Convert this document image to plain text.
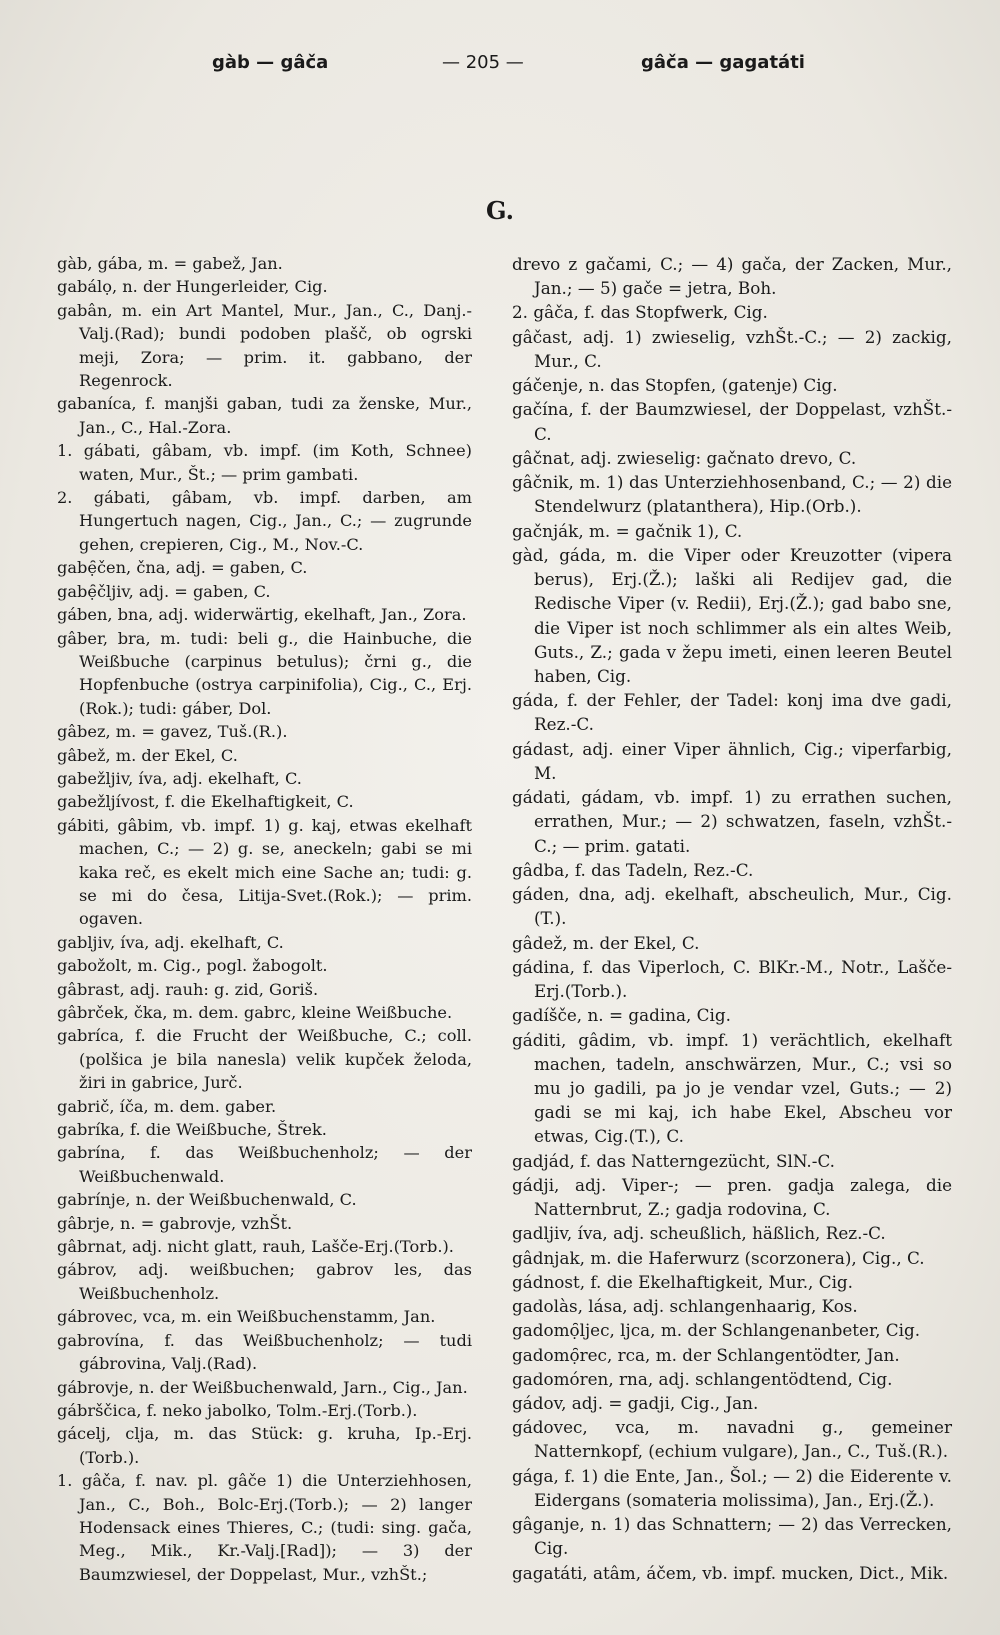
gàb — gâča	— 205 —	gâča — gagatáti
G.

gàb, gába, m. = gabež, Jan.

gabálọ, n. der Hungerleider, Cig.

gabân, m. ein Art Mantel, Mur., Jan., C., Danj.-Valj.(Rad); bundi podoben plašč, ob ogrski meji, Zora; — prim. it. gabbano, der Regenrock.

gabaníca, f. manjši gaban, tudi za ženske, Mur., Jan., C., Hal.-Zora.

1. gábati, gâbam, vb. impf. (im Koth, Schnee) waten, Mur., Št.; — prim gambati.

2. gábati, gâbam, vb. impf. darben, am Hungertuch nagen, Cig., Jan., C.; — zugrunde gehen, crepieren, Cig., M., Nov.-C.

gabẹ̑čen, čna, adj. = gaben, C.

gabẹ̑čljiv, adj. = gaben, C.

gáben, bna, adj. widerwärtig, ekelhaft, Jan., Zora.

gâber, bra, m. tudi: beli g., die Hainbuche, die Weißbuche (carpinus betulus); črni g., die Hopfenbuche (ostrya carpinifolia), Cig., C., Erj.(Rok.); tudi: gáber, Dol.

gâbez, m. = gavez, Tuš.(R.).

gâbež, m. der Ekel, C.

gabežljiv, íva, adj. ekelhaft, C.

gabežljívost, f. die Ekelhaftigkeit, C.

gábiti, gâbim, vb. impf. 1) g. kaj, etwas ekelhaft machen, C.; — 2) g. se, aneckeln; gabi se mi kaka reč, es ekelt mich eine Sache an; tudi: g. se mi do česa, Litija-Svet.(Rok.); — prim. ogaven.

gabljiv, íva, adj. ekelhaft, C.

gabožolt, m. Cig., pogl. žabogolt.

gâbrast, adj. rauh: g. zid, Goriš.

gâbrček, čka, m. dem. gabrc, kleine Weißbuche.

gabríca, f. die Frucht der Weißbuche, C.; coll. (polšica je bila nanesla) velik kupček želoda, žiri in gabrice, Jurč.

gabrič, íča, m. dem. gaber.

gabríka, f. die Weißbuche, Štrek.

gabrína, f. das Weißbuchenholz; — der Weißbuchenwald.

gabrínje, n. der Weißbuchenwald, C.

gâbrje, n. = gabrovje, vzhŠt.

gâbrnat, adj. nicht glatt, rauh, Lašče-Erj.(Torb.).

gábrov, adj. weißbuchen; gabrov les, das Weißbuchenholz.

gábrovec, vca, m. ein Weißbuchenstamm, Jan.

gabrovína, f. das Weißbuchenholz; — tudi gábrovina, Valj.(Rad).

gábrovje, n. der Weißbuchenwald, Jarn., Cig., Jan.

gábrščica, f. neko jabolko, Tolm.-Erj.(Torb.).

gácelj, clja, m. das Stück: g. kruha, Ip.-Erj. (Torb.).

1. gâča, f. nav. pl. gâče 1) die Unterziehhosen, Jan., C., Boh., Bolc-Erj.(Torb.); — 2) langer Hodensack eines Thieres, C.; (tudi: sing. gača, Meg., Mik., Kr.-Valj.[Rad]); — 3) der Baumzwiesel, der Doppelast, Mur., vzhŠt.;

drevo z gačami, C.; — 4) gača, der Zacken, Mur., Jan.; — 5) gače = jetra, Boh.

2. gâča, f. das Stopfwerk, Cig.

gâčast, adj. 1) zwieselig, vzhŠt.-C.; — 2) zackig, Mur., C.

gáčenje, n. das Stopfen, (gatenje) Cig.

gačína, f. der Baumzwiesel, der Doppelast, vzhŠt.-C.

gâčnat, adj. zwieselig: gačnato drevo, C.

gâčnik, m. 1) das Unterziehhosenband, C.; — 2) die Stendelwurz (platanthera), Hip.(Orb.).

gačnják, m. = gačnik 1), C.

gàd, gáda, m. die Viper oder Kreuzotter (vipera berus), Erj.(Ž.); laški ali Redijev gad, die Redische Viper (v. Redii), Erj.(Ž.); gad babo sne, die Viper ist noch schlimmer als ein altes Weib, Guts., Z.; gada v žepu imeti, einen leeren Beutel haben, Cig.

gáda, f. der Fehler, der Tadel: konj ima dve gadi, Rez.-C.

gádast, adj. einer Viper ähnlich, Cig.; viperfarbig, M.

gádati, gádam, vb. impf. 1) zu errathen suchen, errathen, Mur.; — 2) schwatzen, faseln, vzhŠt.-C.; — prim. gatati.

gâdba, f. das Tadeln, Rez.-C.

gáden, dna, adj. ekelhaft, abscheulich, Mur., Cig. (T.).

gâdež, m. der Ekel, C.

gádina, f. das Viperloch, C. BlKr.-M., Notr., Lašče-Erj.(Torb.).

gadíšče, n. = gadina, Cig.

gáditi, gâdim, vb. impf. 1) verächtlich, ekelhaft machen, tadeln, anschwärzen, Mur., C.; vsi so mu jo gadili, pa jo je vendar vzel, Guts.; — 2) gadi se mi kaj, ich habe Ekel, Abscheu vor etwas, Cig.(T.), C.

gadjád, f. das Natterngezücht, SlN.-C.

gádji, adj. Viper-; — pren. gadja zalega, die Natternbrut, Z.; gadja rodovina, C.

gadljiv, íva, adj. scheußlich, häßlich, Rez.-C.

gâdnjak, m. die Haferwurz (scorzonera), Cig., C.

gádnost, f. die Ekelhaftigkeit, Mur., Cig.

gadolàs, lása, adj. schlangenhaarig, Kos.

gadomọ̑ljec, ljca, m. der Schlangenanbeter, Cig.

gadomọ̑rec, rca, m. der Schlangentödter, Jan.

gadomóren, rna, adj. schlangentödtend, Cig.

gádov, adj. = gadji, Cig., Jan.

gádovec, vca, m. navadni g., gemeiner Natternkopf, (echium vulgare), Jan., C., Tuš.(R.).

gága, f. 1) die Ente, Jan., Šol.; — 2) die Eiderente v. Eidergans (somateria molissima), Jan., Erj.(Ž.).

gâganje, n. 1) das Schnattern; — 2) das Verrecken, Cig.

gagatáti, atâm, áčem, vb. impf. mucken, Dict., Mik.
